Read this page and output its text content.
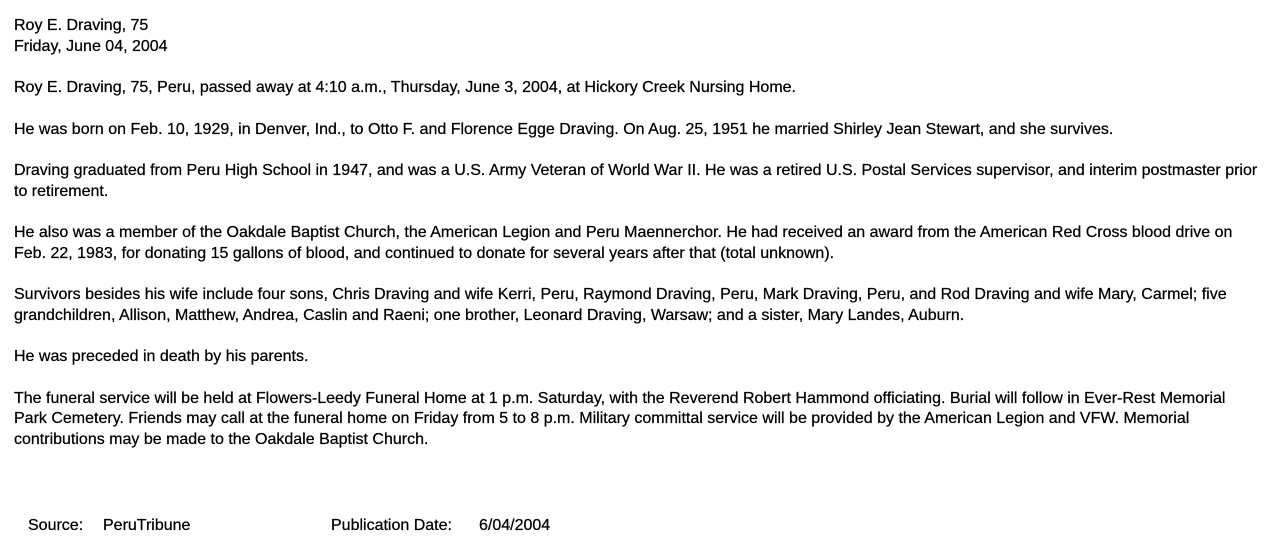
Roy E. Draving, 75
Friday, June 04, 2004

Roy E. Draving, 75, Peru, passed away at 4:10 a.m., Thursday, June 3, 2004, at Hickory Creek Nursing Home.

He was born on Feb. 10, 1929, in Denver, Ind., to Otto F. and Florence Egge Draving. On Aug. 25, 1951 he married Shirley Jean Stewart, and she survives.

Draving graduated from Peru High School in 1947, and was a U.S. Army Veteran of World War II. He was a retired U.S. Postal Services supervisor, and interim postmaster prior to retirement.

He also was a member of the Oakdale Baptist Church, the American Legion and Peru Maennerchor. He had received an award from the American Red Cross blood drive on Feb. 22, 1983, for donating 15 gallons of blood, and continued to donate for several years after that (total unknown).

Survivors besides his wife include four sons, Chris Draving and wife Kerri, Peru, Raymond Draving, Peru, Mark Draving, Peru, and Rod Draving and wife Mary, Carmel; five grandchildren, Allison, Matthew, Andrea, Caslin and Raeni; one brother, Leonard Draving, Warsaw; and a sister, Mary Landes, Auburn.

He was preceded in death by his parents.

The funeral service will be held at Flowers-Leedy Funeral Home at 1 p.m. Saturday, with the Reverend Robert Hammond officiating. Burial will follow in Ever-Rest Memorial Park Cemetery. Friends may call at the funeral home on Friday from 5 to 8 p.m. Military committal service will be provided by the American Legion and VFW. Memorial contributions may be made to the Oakdale Baptist Church.

Source: PeruTribune	Publication Date: 6/04/2004
